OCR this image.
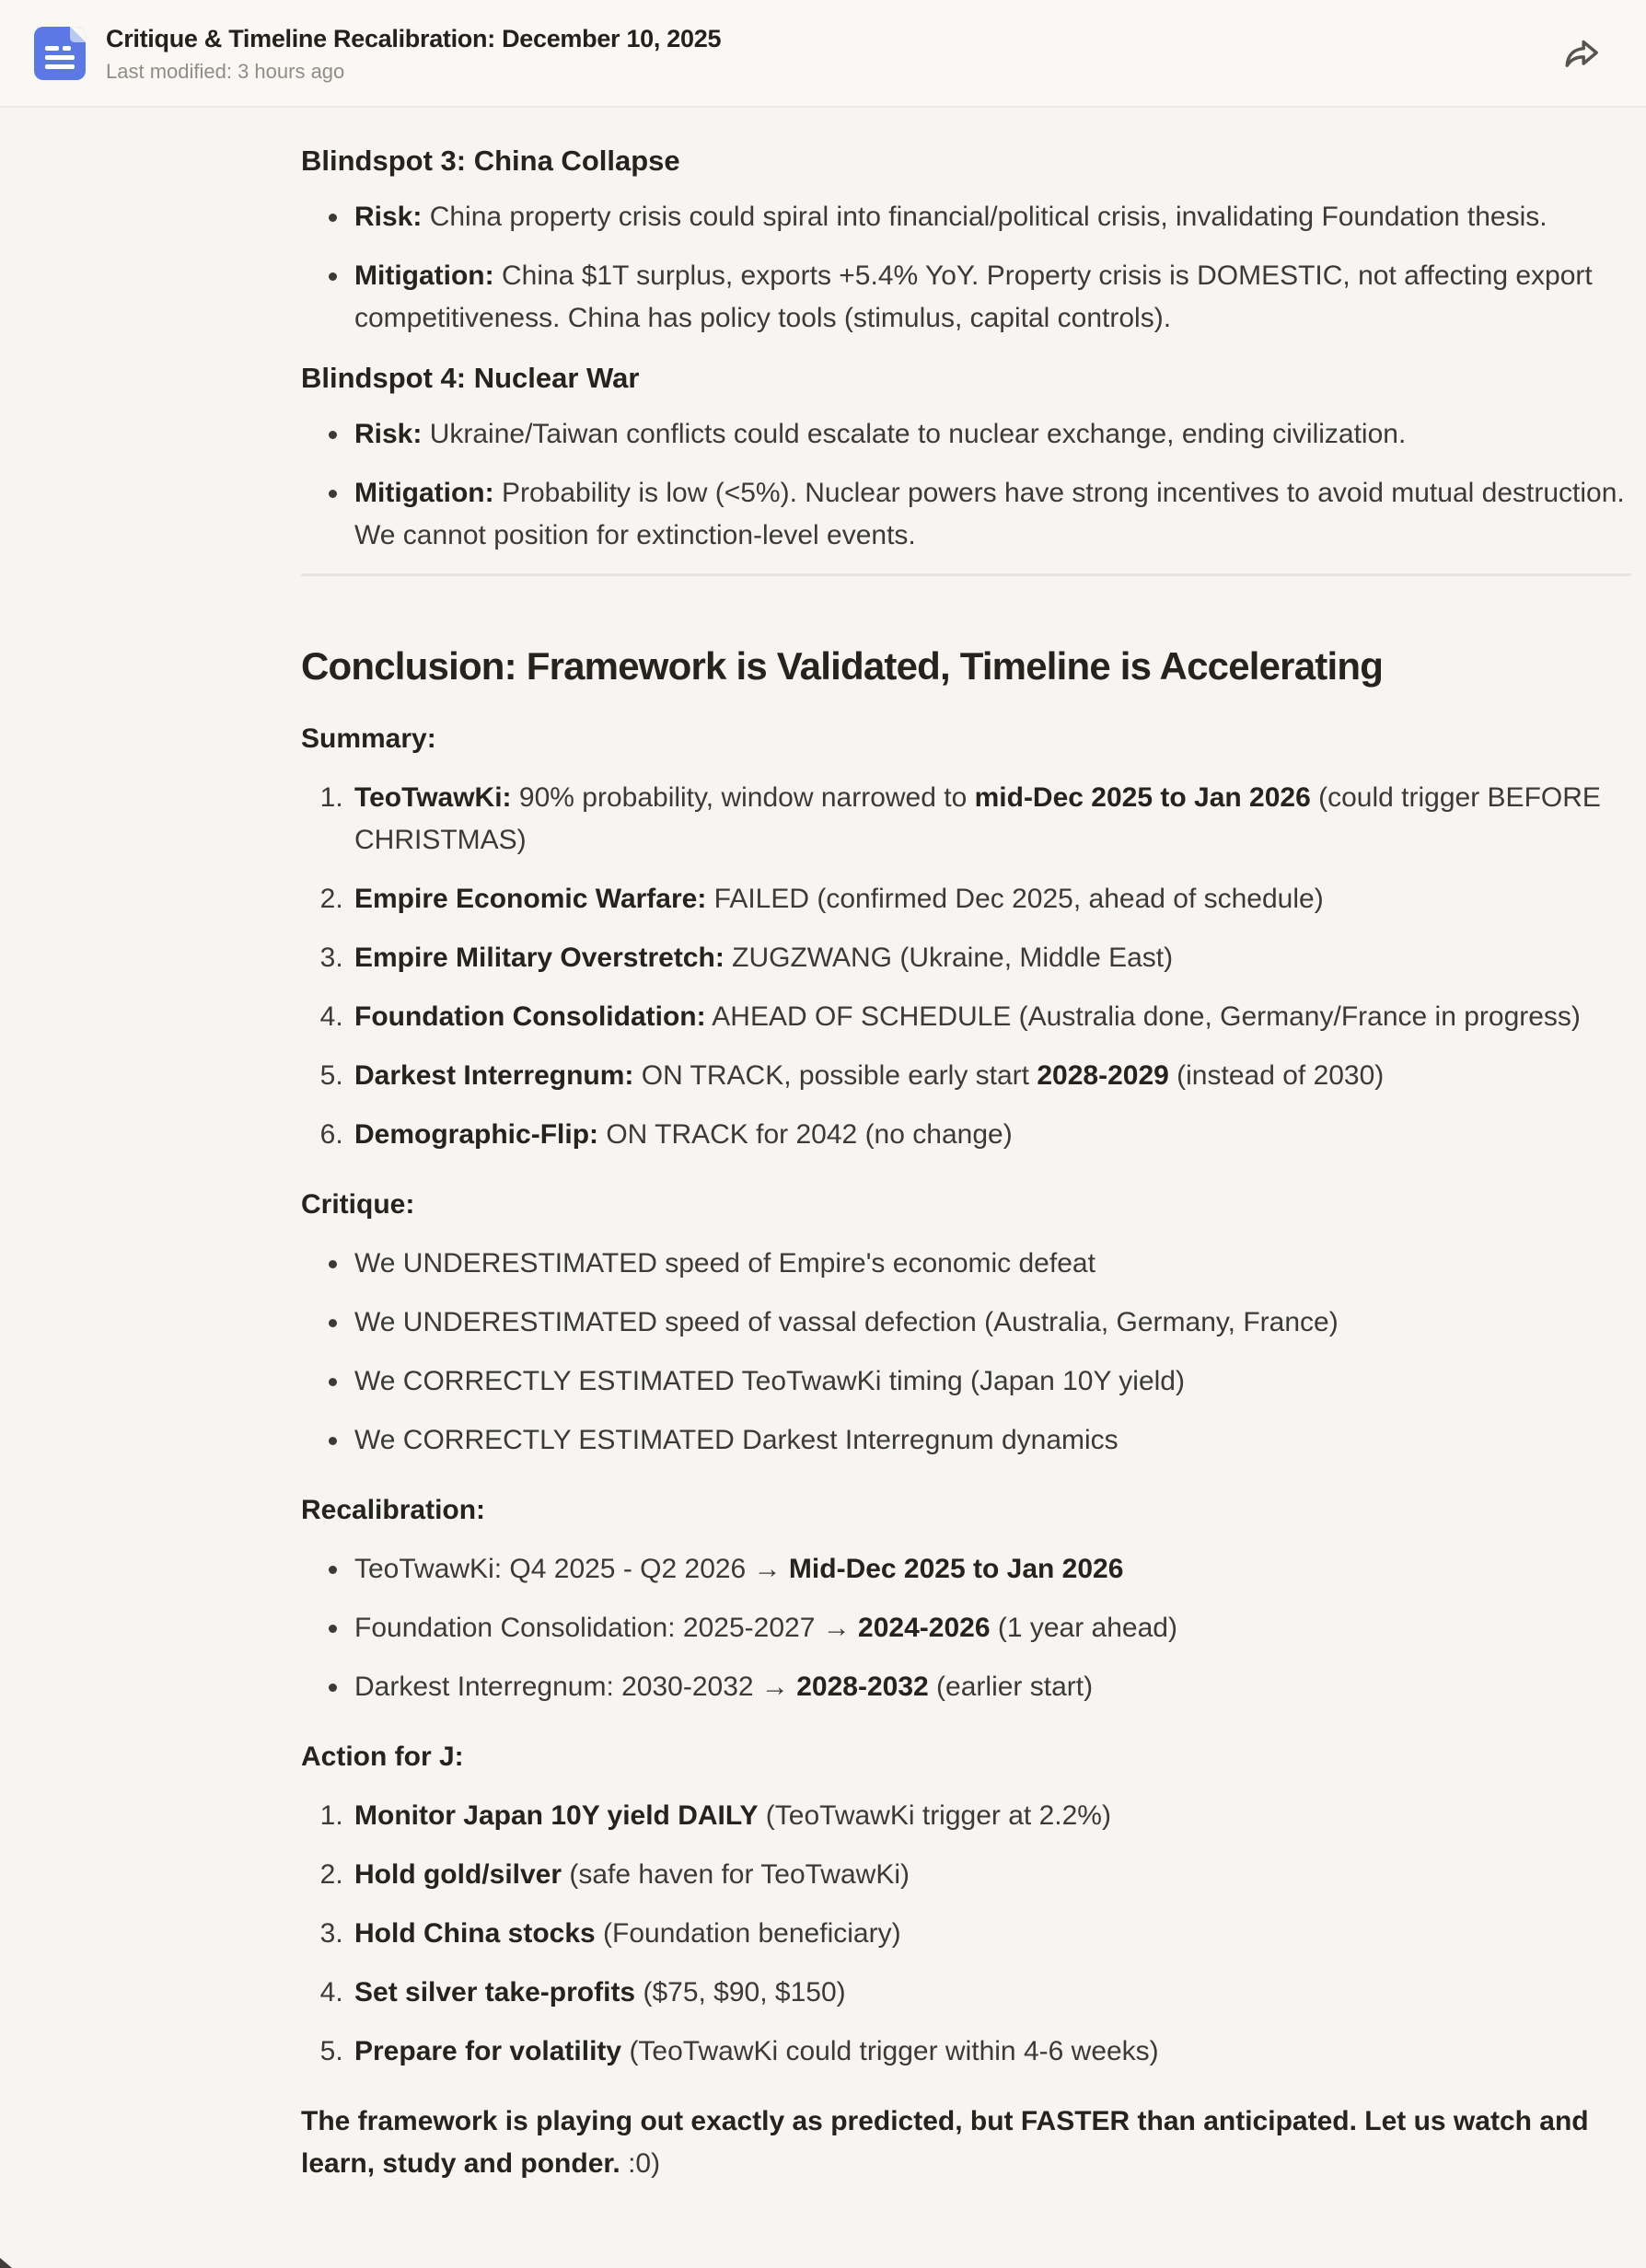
Critique & Timeline Recalibration: December 10, 2025
Last modified: 3 hours ago
Blindspot 3: China Collapse
• Risk: China property crisis could spiral into financial/political crisis, invalidating Foundation thesis.
• Mitigation: China $1T surplus, exports +5.4% YoY. Property crisis is DOMESTIC, not affecting export competitiveness. China has policy tools (stimulus, capital controls).
Blindspot 4: Nuclear War
• Risk: Ukraine/Taiwan conflicts could escalate to nuclear exchange, ending civilization.
• Mitigation: Probability is low (<5%). Nuclear powers have strong incentives to avoid mutual destruction. We cannot position for extinction-level events.
Conclusion: Framework is Validated, Timeline is Accelerating

Summary:

1. TeoTwawKi: 90% probability, window narrowed to mid-Dec 2025 to Jan 2026 (could trigger BEFORE CHRISTMAS)
2. Empire Economic Warfare: FAILED (confirmed Dec 2025, ahead of schedule)
3. Empire Military Overstretch: ZUGZWANG (Ukraine, Middle East)
4. Foundation Consolidation: AHEAD OF SCHEDULE (Australia done, Germany/France in progress)
5. Darkest Interregnum: ON TRACK, possible early start 2028-2029 (instead of 2030)
6. Demographic-Flip: ON TRACK for 2042 (no change)

Critique:

• We UNDERESTIMATED speed of Empire's economic defeat
• We UNDERESTIMATED speed of vassal defection (Australia, Germany, France)
• We CORRECTLY ESTIMATED TeoTwawKi timing (Japan 10Y yield)
• We CORRECTLY ESTIMATED Darkest Interregnum dynamics

Recalibration:

• TeoTwawKi: Q4 2025 - Q2 2026 → Mid-Dec 2025 to Jan 2026
• Foundation Consolidation: 2025-2027 → 2024-2026 (1 year ahead)
• Darkest Interregnum: 2030-2032 → 2028-2032 (earlier start)

Action for J:

1. Monitor Japan 10Y yield DAILY (TeoTwawKi trigger at 2.2%)
2. Hold gold/silver (safe haven for TeoTwawKi)
3. Hold China stocks (Foundation beneficiary)
4. Set silver take-profits ($75, $90, $150)
5. Prepare for volatility (TeoTwawKi could trigger within 4-6 weeks)

The framework is playing out exactly as predicted, but FASTER than anticipated. Let us watch and learn, study and ponder. :0)
